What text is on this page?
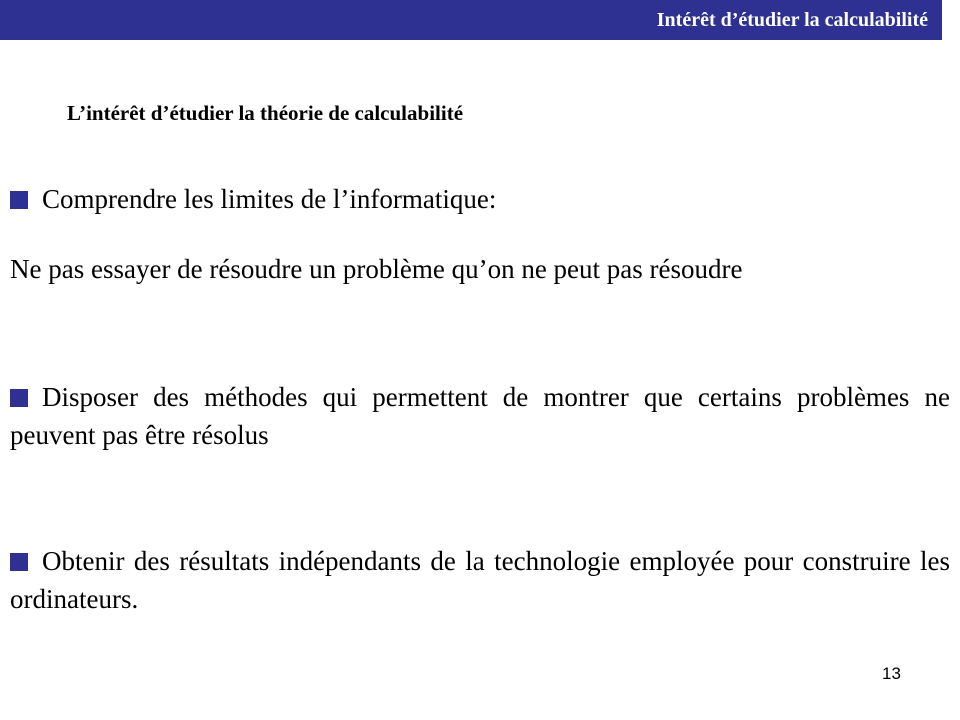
Intérêt d’étudier la calculabilité
L’intérêt d’étudier la théorie de calculabilité
Comprendre les limites de l’informatique:
Ne pas essayer de résoudre un problème qu’on ne peut pas résoudre
Disposer des méthodes qui permettent de montrer que certains problèmes ne peuvent pas être résolus
Obtenir des résultats indépendants de la technologie employée pour construire les ordinateurs.
13
